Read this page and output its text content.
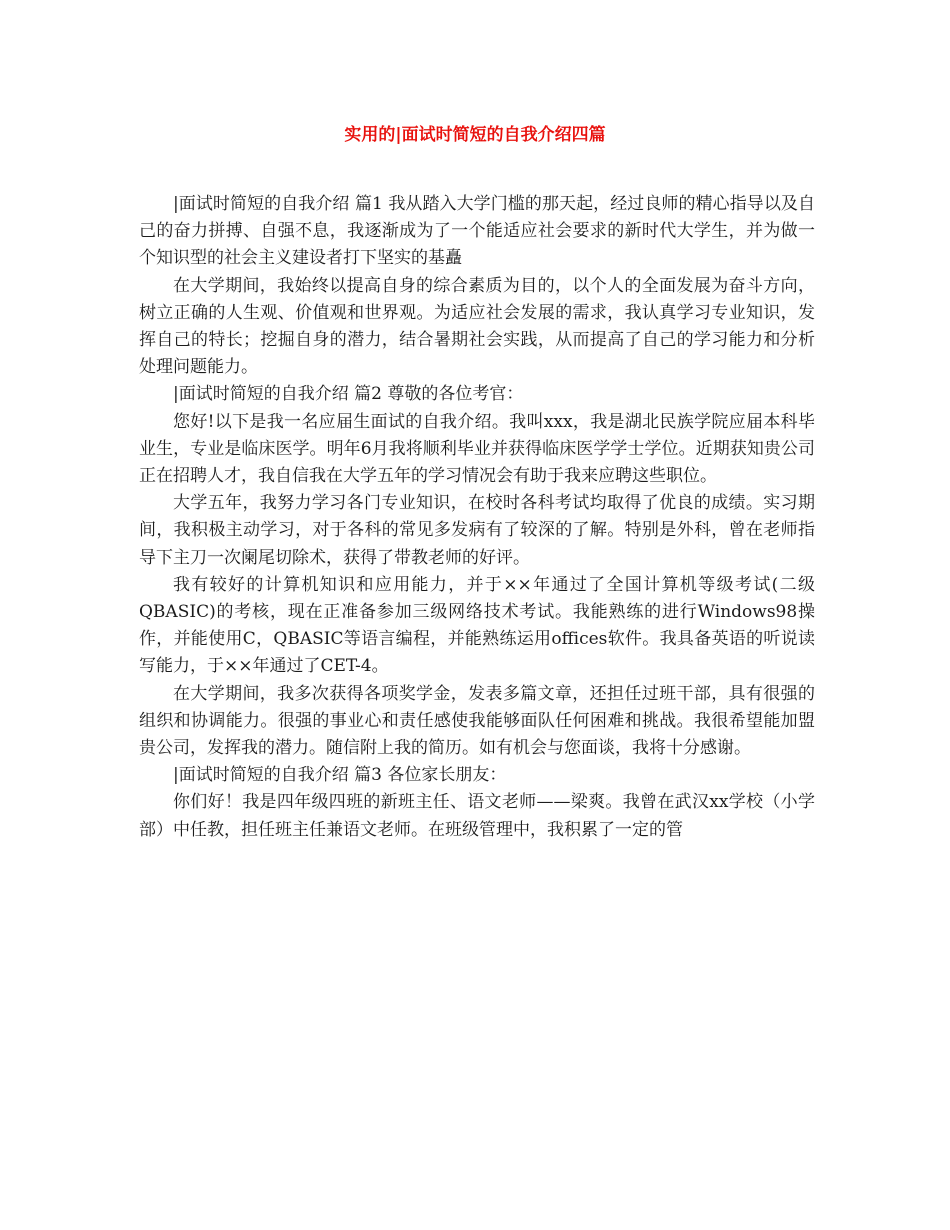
实用的|面试时简短的自我介绍四篇

|面试时简短的自我介绍 篇1 我从踏入大学门槛的那天起，经过良师的精心指导以及自己的奋力拼搏、自强不息，我逐渐成为了一个能适应社会要求的新时代大学生，并为做一个知识型的社会主义建设者打下坚实的基矗

在大学期间，我始终以提高自身的综合素质为目的，以个人的全面发展为奋斗方向，树立正确的人生观、价值观和世界观。为适应社会发展的需求，我认真学习专业知识，发挥自己的特长；挖掘自身的潜力，结合暑期社会实践，从而提高了自己的学习能力和分析处理问题能力。

|面试时简短的自我介绍 篇2 尊敬的各位考官：

您好!以下是我一名应届生面试的自我介绍。我叫xxx，我是湖北民族学院应届本科毕业生，专业是临床医学。明年6月我将顺利毕业并获得临床医学学士学位。近期获知贵公司正在招聘人才，我自信我在大学五年的学习情况会有助于我来应聘这些职位。

大学五年，我努力学习各门专业知识，在校时各科考试均取得了优良的成绩。实习期间，我积极主动学习，对于各科的常见多发病有了较深的了解。特别是外科，曾在老师指导下主刀一次阑尾切除术，获得了带教老师的好评。

我有较好的计算机知识和应用能力，并于××年通过了全国计算机等级考试(二级QBASIC)的考核，现在正准备参加三级网络技术考试。我能熟练的进行Windows98操作，并能使用C，QBASIC等语言编程，并能熟练运用offices软件。我具备英语的听说读写能力，于××年通过了CET-4。

在大学期间，我多次获得各项奖学金，发表多篇文章，还担任过班干部，具有很强的组织和协调能力。很强的事业心和责任感使我能够面队任何困难和挑战。我很希望能加盟贵公司，发挥我的潜力。随信附上我的简历。如有机会与您面谈，我将十分感谢。

|面试时简短的自我介绍 篇3 各位家长朋友：

你们好！我是四年级四班的新班主任、语文老师——梁爽。我曾在武汉xx学校（小学部）中任教，担任班主任兼语文老师。在班级管理中，我积累了一定的管
